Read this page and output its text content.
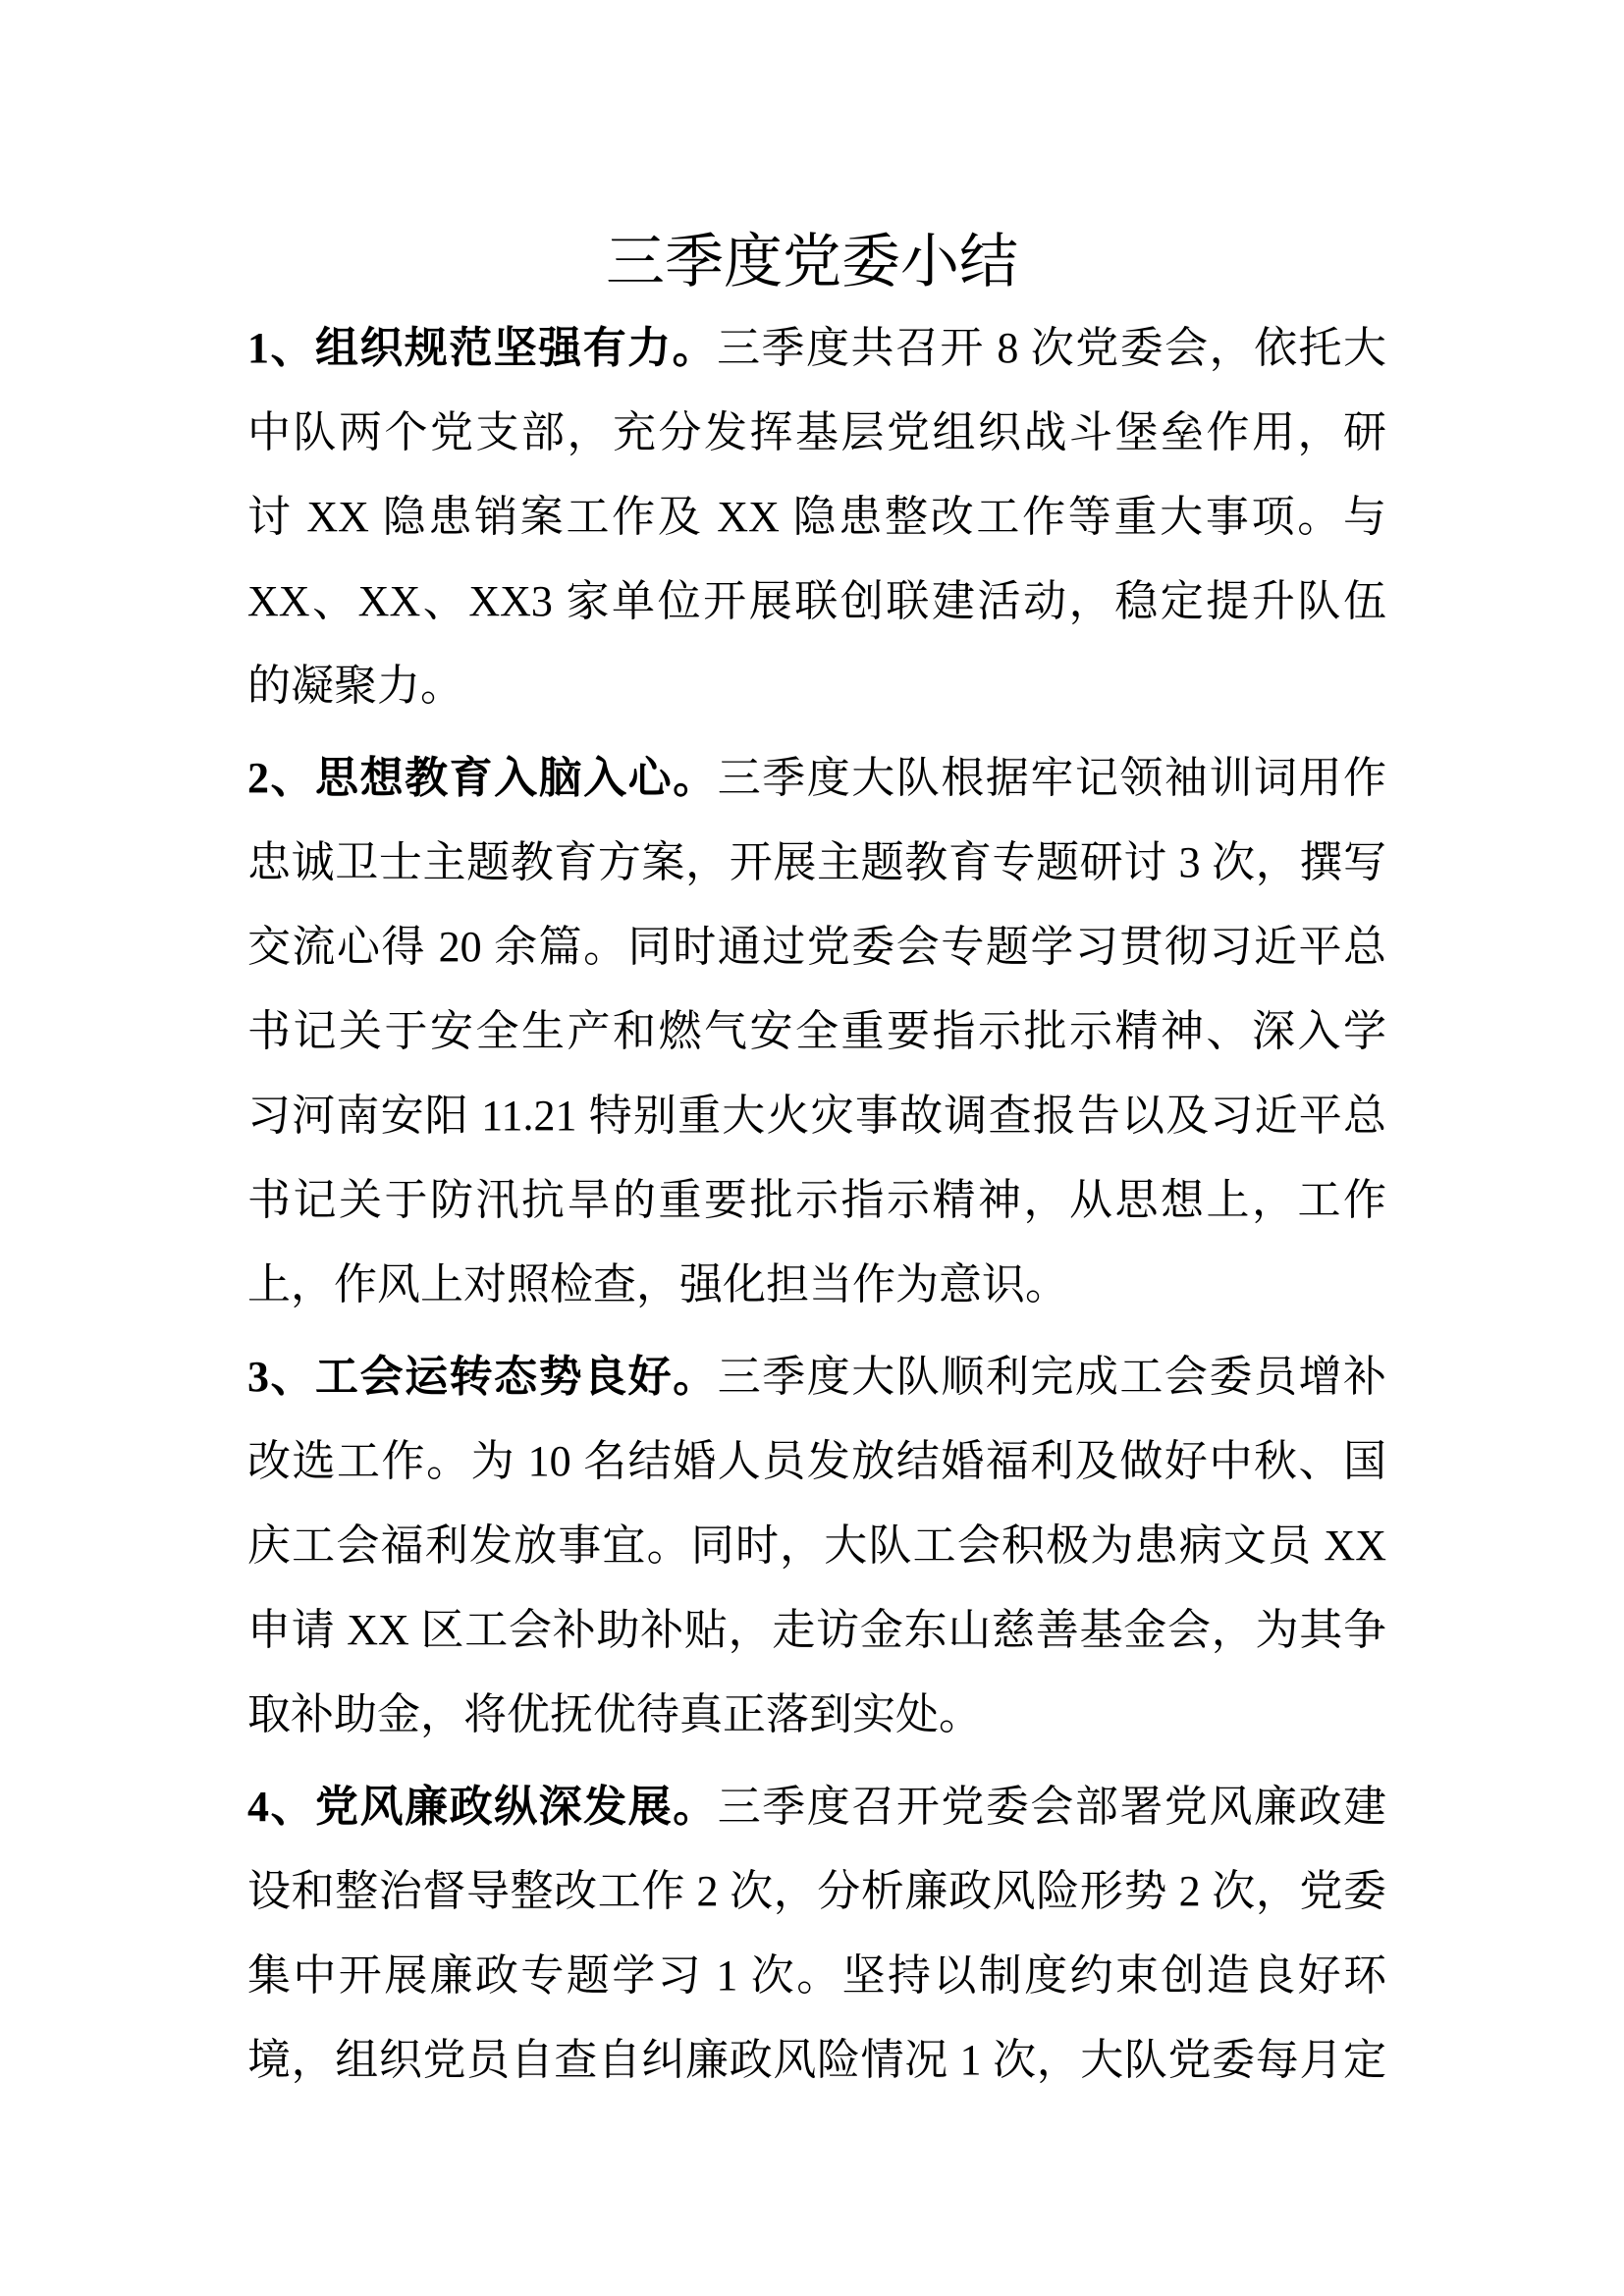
三季度党委小结
1、组织规范坚强有力。三季度共召开 8 次党委会，依托大
中队两个党支部，充分发挥基层党组织战斗堡垒作用，研
讨 XX 隐患销案工作及 XX 隐患整改工作等重大事项。与
XX、XX、XX3 家单位开展联创联建活动，稳定提升队伍
的凝聚力。
2、思想教育入脑入心。三季度大队根据牢记领袖训词用作
忠诚卫士主题教育方案，开展主题教育专题研讨 3 次，撰写
交流心得 20 余篇。同时通过党委会专题学习贯彻习近平总
书记关于安全生产和燃气安全重要指示批示精神、深入学
习河南安阳 11.21 特别重大火灾事故调查报告以及习近平总
书记关于防汛抗旱的重要批示指示精神，从思想上，工作
上，作风上对照检查，强化担当作为意识。
3、工会运转态势良好。三季度大队顺利完成工会委员增补
改选工作。为 10 名结婚人员发放结婚福利及做好中秋、国
庆工会福利发放事宜。同时，大队工会积极为患病文员 XX
申请 XX 区工会补助补贴，走访金东山慈善基金会，为其争
取补助金，将优抚优待真正落到实处。
4、党风廉政纵深发展。三季度召开党委会部署党风廉政建
设和整治督导整改工作 2 次，分析廉政风险形势 2 次，党委
集中开展廉政专题学习 1 次。坚持以制度约束创造良好环
境，组织党员自查自纠廉政风险情况 1 次，大队党委每月定
